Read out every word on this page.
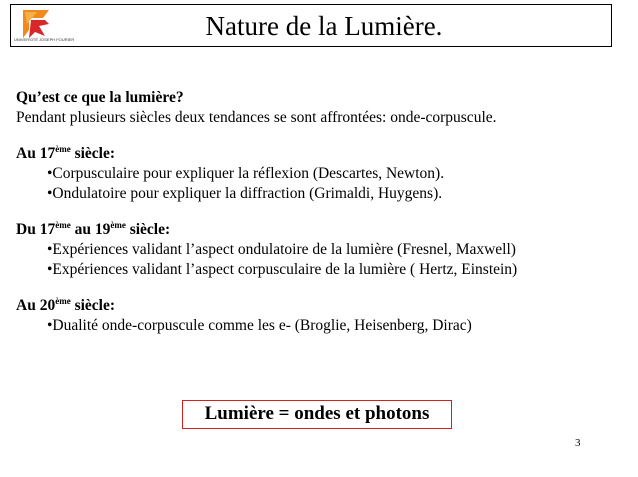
UNIVERSITÉ JOSEPH FOURIER	Nature de la Lumière.
Qu’est ce que la lumière?
Pendant plusieurs siècles deux tendances se sont affrontées: onde-corpuscule.
Au 17ème siècle:
•Corpusculaire pour expliquer la réflexion (Descartes, Newton).
•Ondulatoire pour expliquer la diffraction (Grimaldi, Huygens).
Du 17ème au 19ème siècle:
•Expériences validant l’aspect ondulatoire de la lumière (Fresnel, Maxwell)
•Expériences validant l’aspect corpusculaire de la lumière ( Hertz, Einstein)
Au 20ème siècle:
•Dualité onde-corpuscule comme les e- (Broglie, Heisenberg, Dirac)
Lumière = ondes et photons
3
